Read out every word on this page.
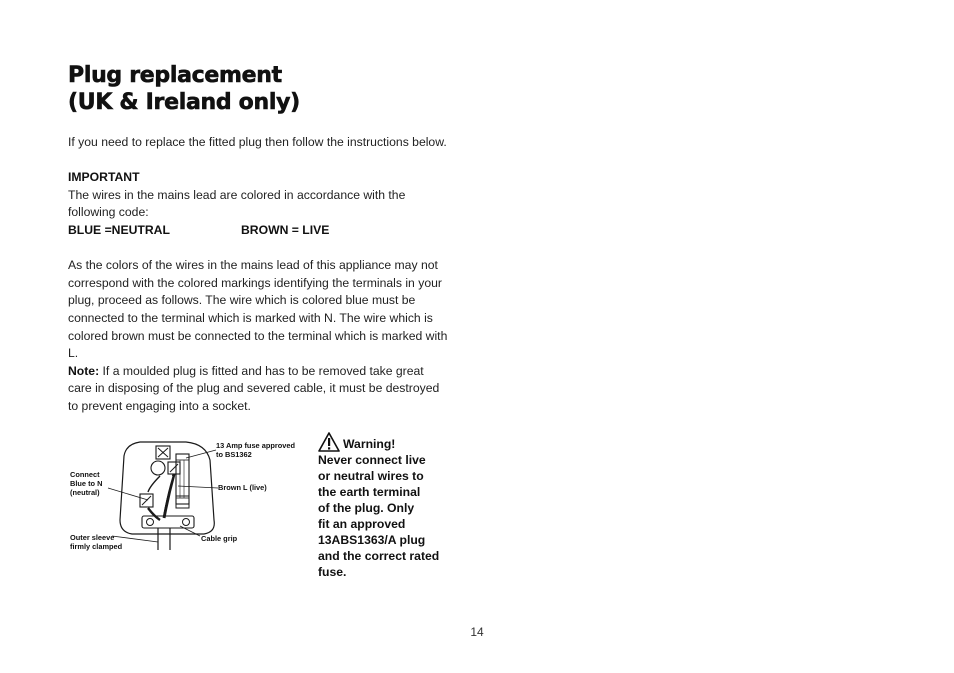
Plug replacement
(UK & Ireland only)

If you need to replace the fitted plug then follow the instructions below.

IMPORTANT

The wires in the mains lead are colored in accordance with the following code:

BLUE =NEUTRAL	BROWN = LIVE

As the colors of the wires in the mains lead of this appliance may not correspond with the colored markings identifying the terminals in your plug, proceed as follows. The wire which is colored blue must be connected to the terminal which is marked with N. The wire which is colored brown must be connected to the terminal which is marked with L.

Note: If a moulded plug is fitted and has to be removed take great care in disposing of the plug and severed cable, it must be destroyed to prevent engaging into a socket.

13 Amp fuse approved
to BS1362
Connect
Blue to N
(neutral)
Brown L (live)
Outer sleeve
firmly clamped
Cable grip
Warning!
Never connect live
or neutral wires to
the earth terminal
of the plug. Only
fit an approved
13ABS1363/A plug
and the correct rated
fuse.
14
